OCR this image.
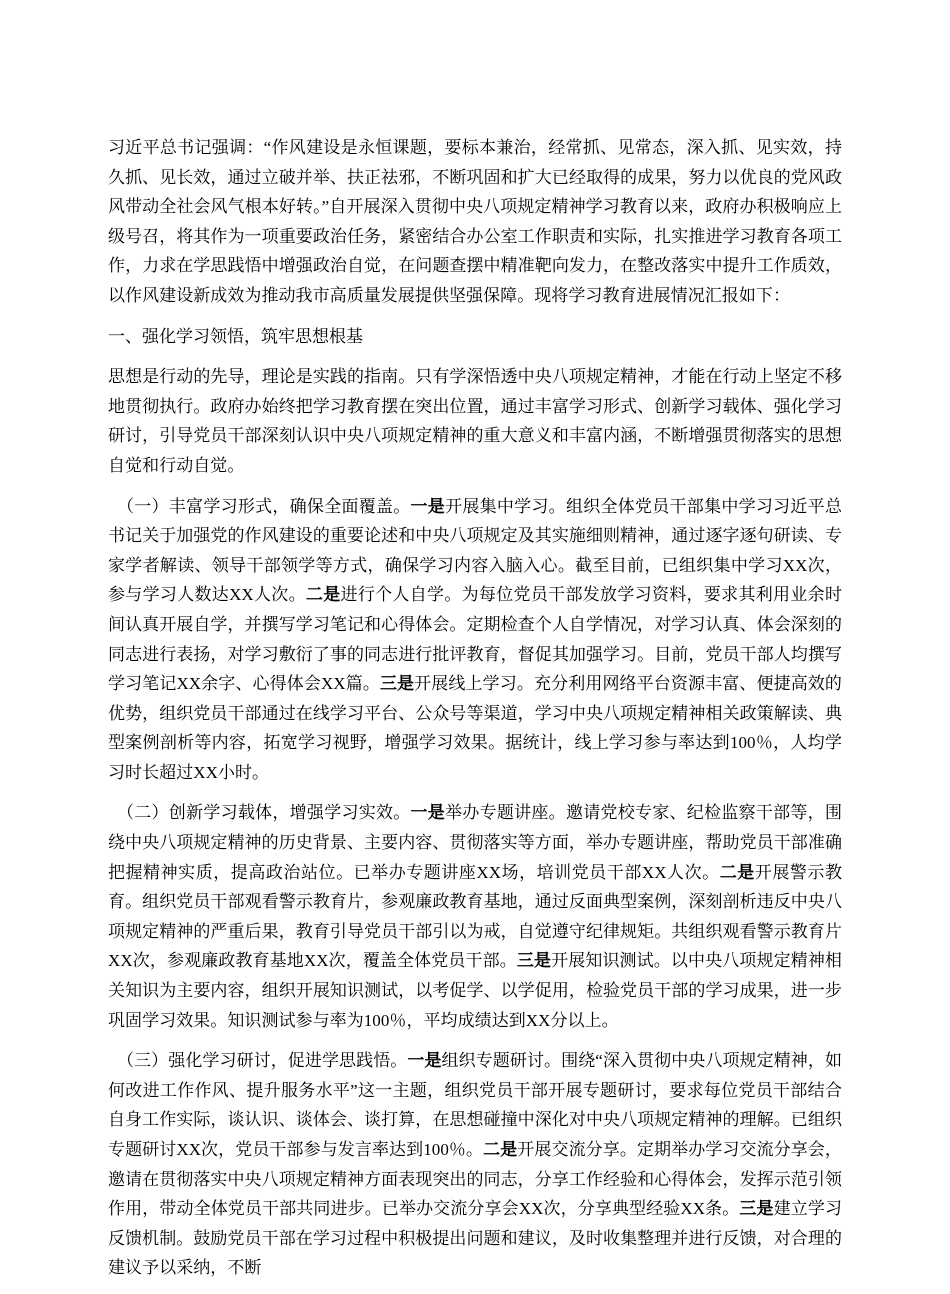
习近平总书记强调：“作风建设是永恒课题，要标本兼治，经常抓、见常态，深入抓、见实效，持久抓、见长效，通过立破并举、扶正祛邪，不断巩固和扩大已经取得的成果，努力以优良的党风政风带动全社会风气根本好转。”自开展深入贯彻中央八项规定精神学习教育以来，政府办积极响应上级号召，将其作为一项重要政治任务，紧密结合办公室工作职责和实际，扎实推进学习教育各项工作，力求在学思践悟中增强政治自觉，在问题查摆中精准靶向发力，在整改落实中提升工作质效，以作风建设新成效为推动我市高质量发展提供坚强保障。现将学习教育进展情况汇报如下：

一、强化学习领悟，筑牢思想根基

思想是行动的先导，理论是实践的指南。只有学深悟透中央八项规定精神，才能在行动上坚定不移地贯彻执行。政府办始终把学习教育摆在突出位置，通过丰富学习形式、创新学习载体、强化学习研讨，引导党员干部深刻认识中央八项规定精神的重大意义和丰富内涵，不断增强贯彻落实的思想自觉和行动自觉。

（一）丰富学习形式，确保全面覆盖。一是开展集中学习。组织全体党员干部集中学习习近平总书记关于加强党的作风建设的重要论述和中央八项规定及其实施细则精神，通过逐字逐句研读、专家学者解读、领导干部领学等方式，确保学习内容入脑入心。截至目前，已组织集中学习XX次，参与学习人数达XX人次。二是进行个人自学。为每位党员干部发放学习资料，要求其利用业余时间认真开展自学，并撰写学习笔记和心得体会。定期检查个人自学情况，对学习认真、体会深刻的同志进行表扬，对学习敷衍了事的同志进行批评教育，督促其加强学习。目前，党员干部人均撰写学习笔记XX余字、心得体会XX篇。三是开展线上学习。充分利用网络平台资源丰富、便捷高效的优势，组织党员干部通过在线学习平台、公众号等渠道，学习中央八项规定精神相关政策解读、典型案例剖析等内容，拓宽学习视野，增强学习效果。据统计，线上学习参与率达到100％，人均学习时长超过XX小时。

（二）创新学习载体，增强学习实效。一是举办专题讲座。邀请党校专家、纪检监察干部等，围绕中央八项规定精神的历史背景、主要内容、贯彻落实等方面，举办专题讲座，帮助党员干部准确把握精神实质，提高政治站位。已举办专题讲座XX场，培训党员干部XX人次。二是开展警示教育。组织党员干部观看警示教育片，参观廉政教育基地，通过反面典型案例，深刻剖析违反中央八项规定精神的严重后果，教育引导党员干部引以为戒，自觉遵守纪律规矩。共组织观看警示教育片XX次，参观廉政教育基地XX次，覆盖全体党员干部。三是开展知识测试。以中央八项规定精神相关知识为主要内容，组织开展知识测试，以考促学、以学促用，检验党员干部的学习成果，进一步巩固学习效果。知识测试参与率为100％，平均成绩达到XX分以上。

（三）强化学习研讨，促进学思践悟。一是组织专题研讨。围绕“深入贯彻中央八项规定精神，如何改进工作作风、提升服务水平”这一主题，组织党员干部开展专题研讨，要求每位党员干部结合自身工作实际，谈认识、谈体会、谈打算，在思想碰撞中深化对中央八项规定精神的理解。已组织专题研讨XX次，党员干部参与发言率达到100％。二是开展交流分享。定期举办学习交流分享会，邀请在贯彻落实中央八项规定精神方面表现突出的同志，分享工作经验和心得体会，发挥示范引领作用，带动全体党员干部共同进步。已举办交流分享会XX次，分享典型经验XX条。三是建立学习反馈机制。鼓励党员干部在学习过程中积极提出问题和建议，及时收集整理并进行反馈，对合理的建议予以采纳，不断
